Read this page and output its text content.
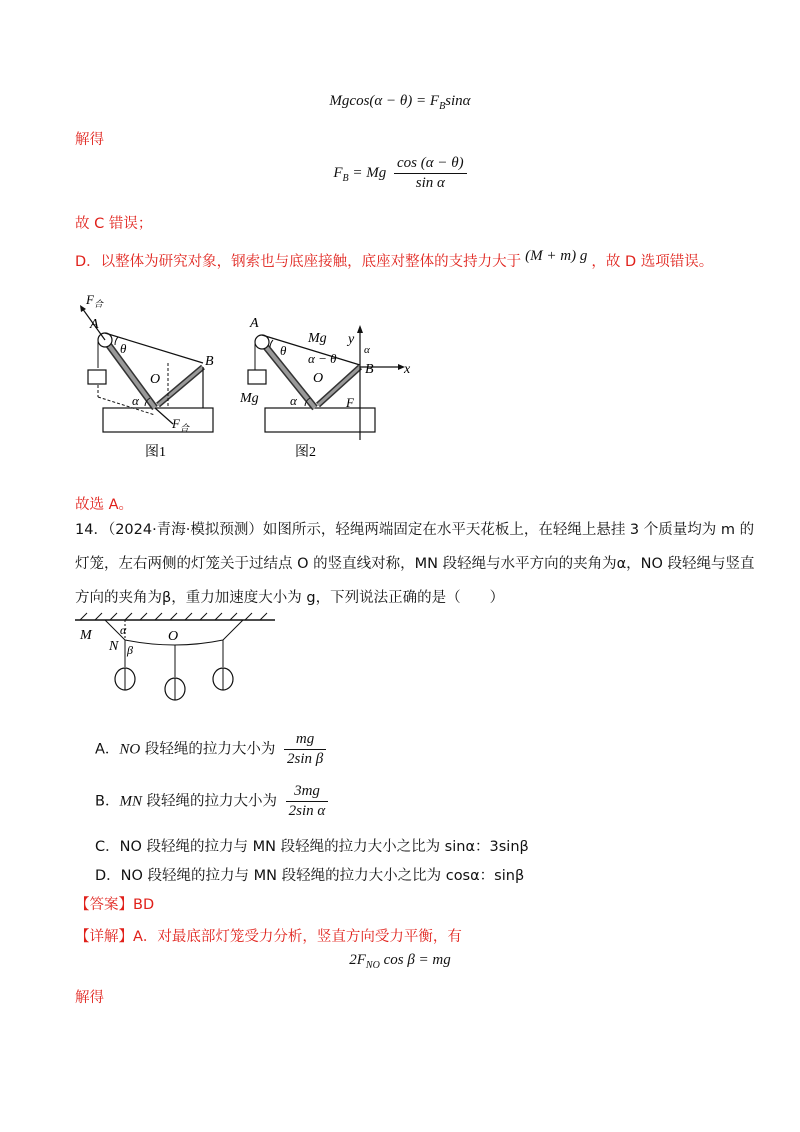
$Mgcos(\alpha - \theta) = F_B\sin\alpha$
解得
$F_B = Mg \frac{\cos (\alpha - \theta)}{\text{sin α}}$
故 C 错误；
D．以整体为研究对象，钢索也与底座接触，底座对整体的支持力大于 (M + m) g ，故 D 选项错误。
$F_合$
A
θ
B
O
α
$F_合$
图1
A
Mg
θ
α − θ
O
Mg α
y
α
B x
F
图2
故选 A。
14．（2024·青海·模拟预测）如图所示，轻绳两端固定在水平天花板上，在轻绳上悬挂 3 个质量均为 m 的
灯笼，左右两侧的灯笼关于过结点 O 的竖直线对称，MN 段轻绳与水平方向的夹角为α，NO 段轻绳与竖直
方向的夹角为β，重力加速度大小为 g，下列说法正确的是（　　）
M α
N β
O
A．NO 段轻绳的拉力大小为 $\frac{mg}{\text{2sin β}}$
B．MN 段轻绳的拉力大小为 $\frac{3mg}{\text{2sin α}}$
C．NO 段轻绳的拉力与 MN 段轻绳的拉力大小之比为 sinα：3sinβ
D．NO 段轻绳的拉力与 MN 段轻绳的拉力大小之比为 cosα：sinβ
【答案】BD
【详解】A．对最底部灯笼受力分析，竖直方向受力平衡，有
$2F_{NO}$ cos β = mg
解得
